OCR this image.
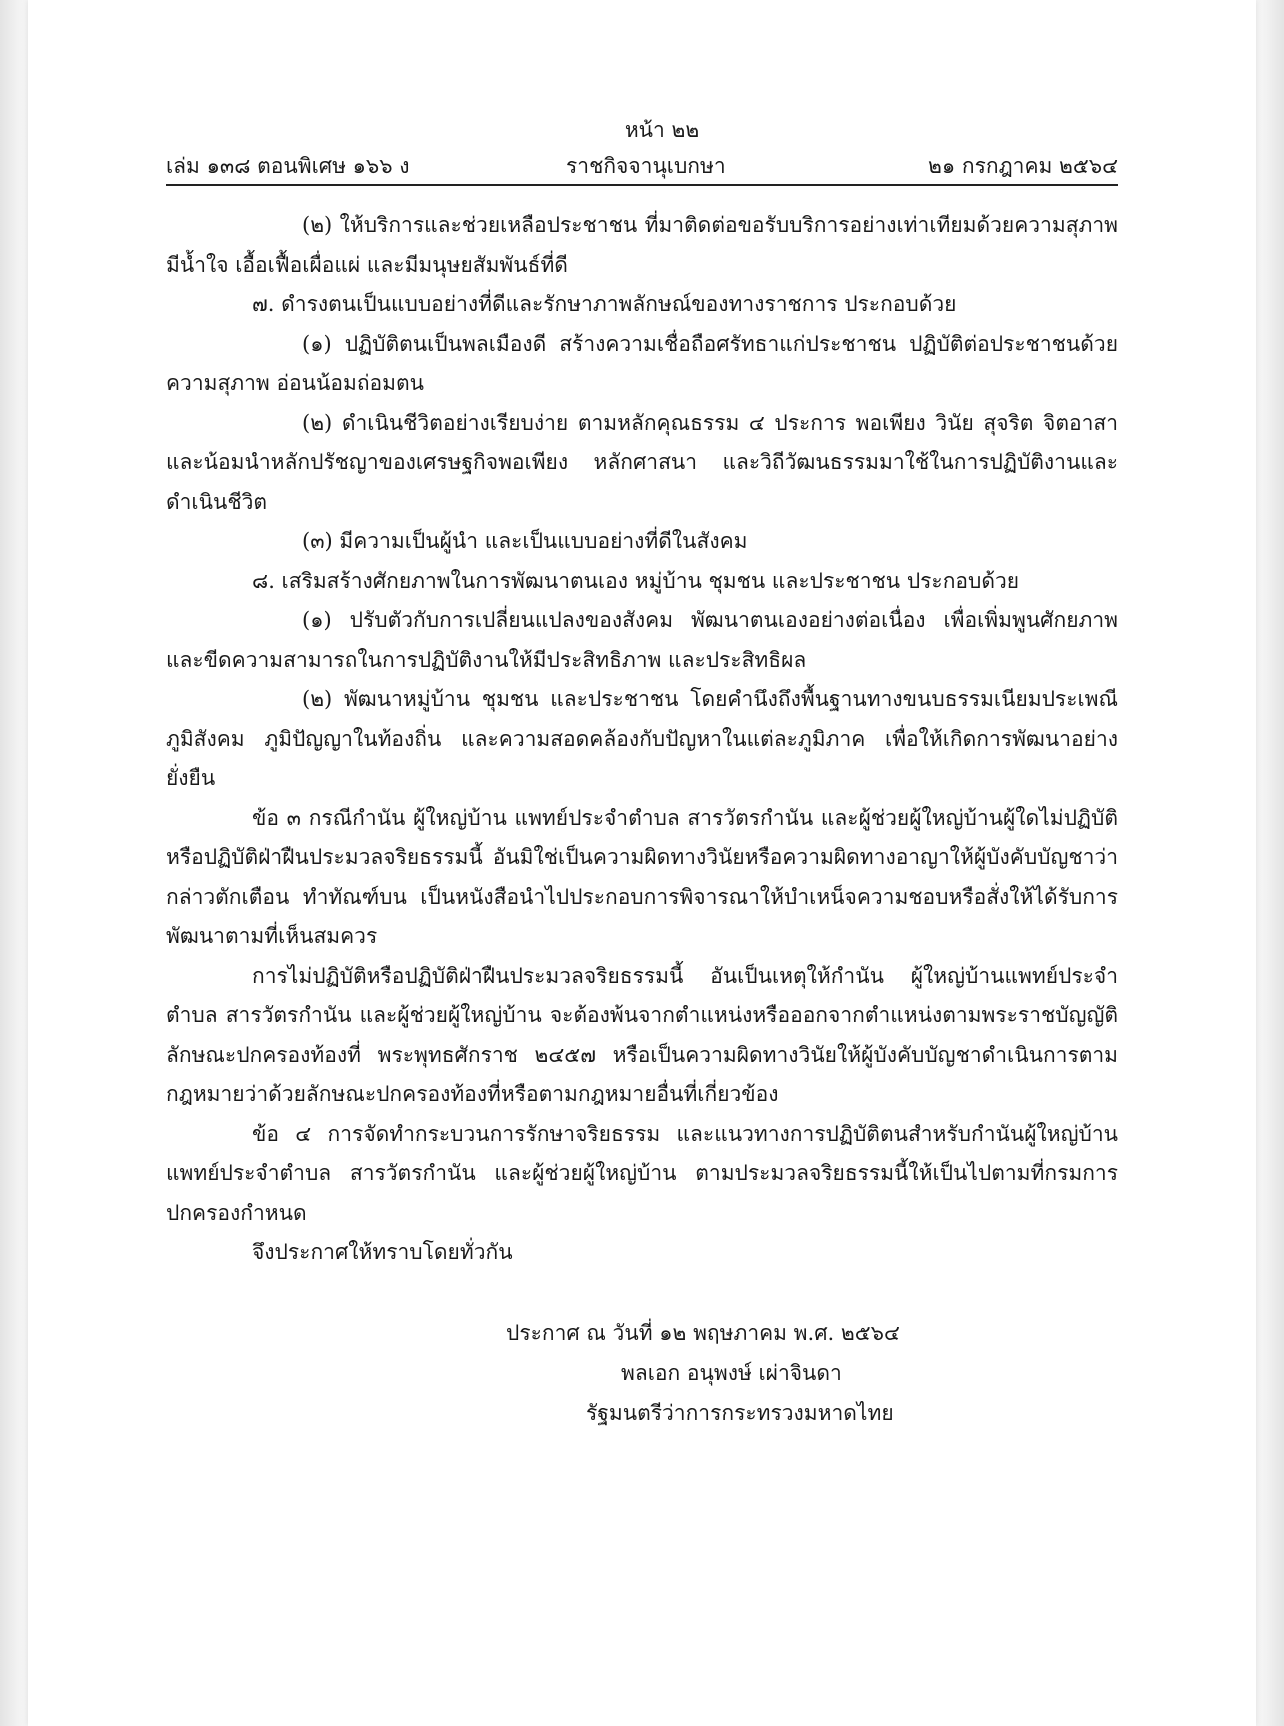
หน้า ๒๒
เล่ม ๑๓๘ ตอนพิเศษ ๑๖๖ ง	ราชกิจจานุเบกษา	๒๑ กรกฎาคม ๒๕๖๔

(๒) ให้บริการและช่วยเหลือประชาชน ที่มาติดต่อขอรับบริการอย่างเท่าเทียมด้วยความสุภาพ มีน้ำใจ เอื้อเฟื้อเผื่อแผ่ และมีมนุษยสัมพันธ์ที่ดี

๗. ดำรงตนเป็นแบบอย่างที่ดีและรักษาภาพลักษณ์ของทางราชการ ประกอบด้วย

(๑) ปฏิบัติตนเป็นพลเมืองดี สร้างความเชื่อถือศรัทธาแก่ประชาชน ปฏิบัติต่อประชาชนด้วยความสุภาพ อ่อนน้อมถ่อมตน

(๒) ดำเนินชีวิตอย่างเรียบง่าย ตามหลักคุณธรรม ๔ ประการ พอเพียง วินัย สุจริต จิตอาสา และน้อมนำหลักปรัชญาของเศรษฐกิจพอเพียง หลักศาสนา และวิถีวัฒนธรรมมาใช้ในการปฏิบัติงานและดำเนินชีวิต

(๓) มีความเป็นผู้นำ และเป็นแบบอย่างที่ดีในสังคม

๘. เสริมสร้างศักยภาพในการพัฒนาตนเอง หมู่บ้าน ชุมชน และประชาชน ประกอบด้วย

(๑) ปรับตัวกับการเปลี่ยนแปลงของสังคม พัฒนาตนเองอย่างต่อเนื่อง เพื่อเพิ่มพูนศักยภาพและขีดความสามารถในการปฏิบัติงานให้มีประสิทธิภาพ และประสิทธิผล

(๒) พัฒนาหมู่บ้าน ชุมชน และประชาชน โดยคำนึงถึงพื้นฐานทางขนบธรรมเนียมประเพณี ภูมิสังคม ภูมิปัญญาในท้องถิ่น และความสอดคล้องกับปัญหาในแต่ละภูมิภาค เพื่อให้เกิดการพัฒนาอย่างยั่งยืน

ข้อ ๓ กรณีกำนัน ผู้ใหญ่บ้าน แพทย์ประจำตำบล สารวัตรกำนัน และผู้ช่วยผู้ใหญ่บ้านผู้ใดไม่ปฏิบัติหรือปฏิบัติฝ่าฝืนประมวลจริยธรรมนี้ อันมิใช่เป็นความผิดทางวินัยหรือความผิดทางอาญาให้ผู้บังคับบัญชาว่ากล่าวตักเตือน ทำทัณฑ์บน เป็นหนังสือนำไปประกอบการพิจารณาให้บำเหน็จความชอบหรือสั่งให้ได้รับการพัฒนาตามที่เห็นสมควร

การไม่ปฏิบัติหรือปฏิบัติฝ่าฝืนประมวลจริยธรรมนี้ อันเป็นเหตุให้กำนัน ผู้ใหญ่บ้านแพทย์ประจำตำบล สารวัตรกำนัน และผู้ช่วยผู้ใหญ่บ้าน จะต้องพ้นจากตำแหน่งหรือออกจากตำแหน่งตามพระราชบัญญัติลักษณะปกครองท้องที่ พระพุทธศักราช ๒๔๕๗ หรือเป็นความผิดทางวินัยให้ผู้บังคับบัญชาดำเนินการตามกฎหมายว่าด้วยลักษณะปกครองท้องที่หรือตามกฎหมายอื่นที่เกี่ยวข้อง

ข้อ ๔ การจัดทำกระบวนการรักษาจริยธรรม และแนวทางการปฏิบัติตนสำหรับกำนันผู้ใหญ่บ้าน แพทย์ประจำตำบล สารวัตรกำนัน และผู้ช่วยผู้ใหญ่บ้าน ตามประมวลจริยธรรมนี้ให้เป็นไปตามที่กรมการปกครองกำหนด

จึงประกาศให้ทราบโดยทั่วกัน

ประกาศ ณ วันที่ ๑๒ พฤษภาคม พ.ศ. ๒๕๖๔
พลเอก อนุพงษ์ เผ่าจินดา
รัฐมนตรีว่าการกระทรวงมหาดไทย
